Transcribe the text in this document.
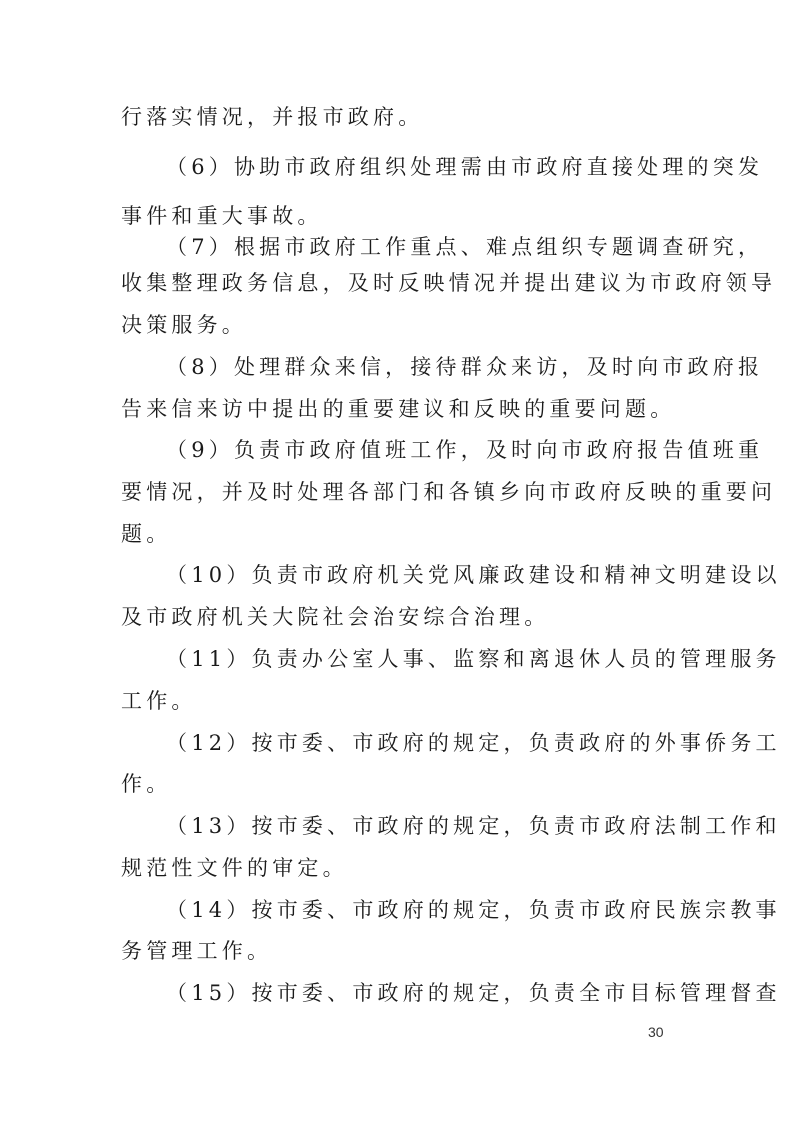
行落实情况，并报市政府。
（6）协助市政府组织处理需由市政府直接处理的突发
事件和重大事故。
（7）根据市政府工作重点、难点组织专题调查研究，
收集整理政务信息，及时反映情况并提出建议为市政府领导
决策服务。
（8）处理群众来信，接待群众来访，及时向市政府报
告来信来访中提出的重要建议和反映的重要问题。
（9）负责市政府值班工作，及时向市政府报告值班重
要情况，并及时处理各部门和各镇乡向市政府反映的重要问
题。
（10）负责市政府机关党风廉政建设和精神文明建设以
及市政府机关大院社会治安综合治理。
（11）负责办公室人事、监察和离退休人员的管理服务
工作。
（12）按市委、市政府的规定，负责政府的外事侨务工
作。
（13）按市委、市政府的规定，负责市政府法制工作和
规范性文件的审定。
（14）按市委、市政府的规定，负责市政府民族宗教事
务管理工作。
（15）按市委、市政府的规定，负责全市目标管理督查
30
